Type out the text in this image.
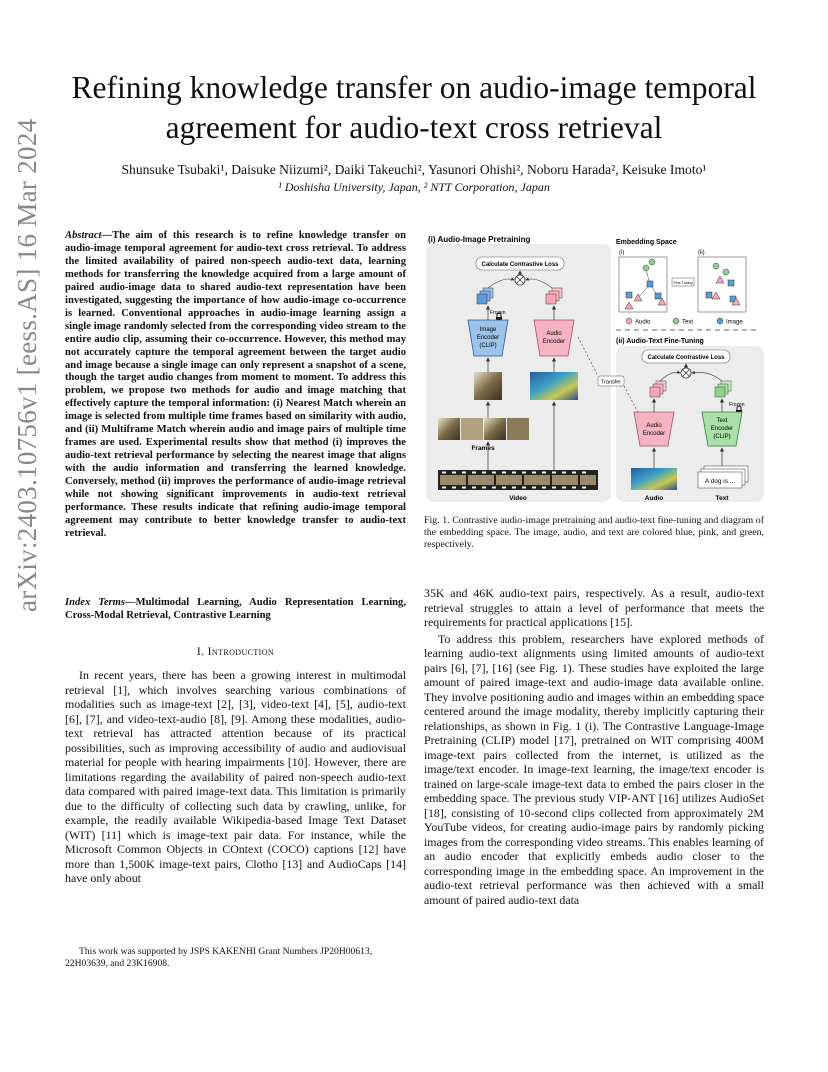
arXiv:2403.10756v1 [eess.AS] 16 Mar 2024
Refining knowledge transfer on audio-image temporal agreement for audio-text cross retrieval
Shunsuke Tsubaki¹, Daisuke Niizumi², Daiki Takeuchi², Yasunori Ohishi², Noboru Harada², Keisuke Imoto¹
¹ Doshisha University, Japan, ² NTT Corporation, Japan
Abstract—The aim of this research is to refine knowledge transfer on audio-image temporal agreement for audio-text cross retrieval. To address the limited availability of paired non-speech audio-text data, learning methods for transferring the knowledge acquired from a large amount of paired audio-image data to shared audio-text representation have been investigated, suggesting the importance of how audio-image co-occurrence is learned. Conventional approaches in audio-image learning assign a single image randomly selected from the corresponding video stream to the entire audio clip, assuming their co-occurrence. However, this method may not accurately capture the temporal agreement between the target audio and image because a single image can only represent a snapshot of a scene, though the target audio changes from moment to moment. To address this problem, we propose two methods for audio and image matching that effectively capture the temporal information: (i) Nearest Match wherein an image is selected from multiple time frames based on similarity with audio, and (ii) Multiframe Match wherein audio and image pairs of multiple time frames are used. Experimental results show that method (i) improves the audio-text retrieval performance by selecting the nearest image that aligns with the audio information and transferring the learned knowledge. Conversely, method (ii) improves the performance of audio-image retrieval while not showing significant improvements in audio-text retrieval performance. These results indicate that refining audio-image temporal agreement may contribute to better knowledge transfer to audio-text retrieval.
Index Terms—Multimodal Learning, Audio Representation Learning, Cross-Modal Retrieval, Contrastive Learning
I. Introduction
In recent years, there has been a growing interest in multimodal retrieval [1], which involves searching various combinations of modalities such as image-text [2], [3], video-text [4], [5], audio-text [6], [7], and video-text-audio [8], [9]. Among these modalities, audio-text retrieval has attracted attention because of its practical possibilities, such as improving accessibility of audio and audiovisual material for people with hearing impairments [10]. However, there are limitations regarding the availability of paired non-speech audio-text data compared with paired image-text data. This limitation is primarily due to the difficulty of collecting such data by crawling, unlike, for example, the readily available Wikipedia-based Image Text Dataset (WIT) [11] which is image-text pair data. For instance, while the Microsoft Common Objects in COntext (COCO) captions [12] have more than 1,500K image-text pairs, Clotho [13] and AudioCaps [14] have only about
This work was supported by JSPS KAKENHI Grant Numbers JP20H00613, 22H03639, and 23K16908.
(i) Audio-Image Pretraining
Calculate Contrastive Loss
Frozen
Image
Encoder
(CLIP)
Audio
Encoder
Frames
Video
Embedding Space
(i)	(ii)
Fine-Tuning
Audio	Text	Image
(ii) Audio-Text Fine-Tuning
Calculate Contrastive Loss
Transfer
Audio
Encoder
Frozen
Text
Encoder
(CLIP)
Audio
A dog is ...
Text
Fig. 1. Contrastive audio-image pretraining and audio-text fine-tuning and diagram of the embedding space. The image, audio, and text are colored blue, pink, and green, respectively.

35K and 46K audio-text pairs, respectively. As a result, audio-text retrieval struggles to attain a level of performance that meets the requirements for practical applications [15].

To address this problem, researchers have explored methods of learning audio-text alignments using limited amounts of audio-text pairs [6], [7], [16] (see Fig. 1). These studies have exploited the large amount of paired image-text and audio-image data available online. They involve positioning audio and images within an embedding space centered around the image modality, thereby implicitly capturing their relationships, as shown in Fig. 1 (i). The Contrastive Language-Image Pretraining (CLIP) model [17], pretrained on WIT comprising 400M image-text pairs collected from the internet, is utilized as the image/text encoder. In image-text learning, the image/text encoder is trained on large-scale image-text data to embed the pairs closer in the embedding space. The previous study VIP-ANT [16] utilizes AudioSet [18], consisting of 10-second clips collected from approximately 2M YouTube videos, for creating audio-image pairs by randomly picking images from the corresponding video streams. This enables learning of an audio encoder that explicitly embeds audio closer to the corresponding image in the embedding space. An improvement in the audio-text retrieval performance was then achieved with a small amount of paired audio-text data
